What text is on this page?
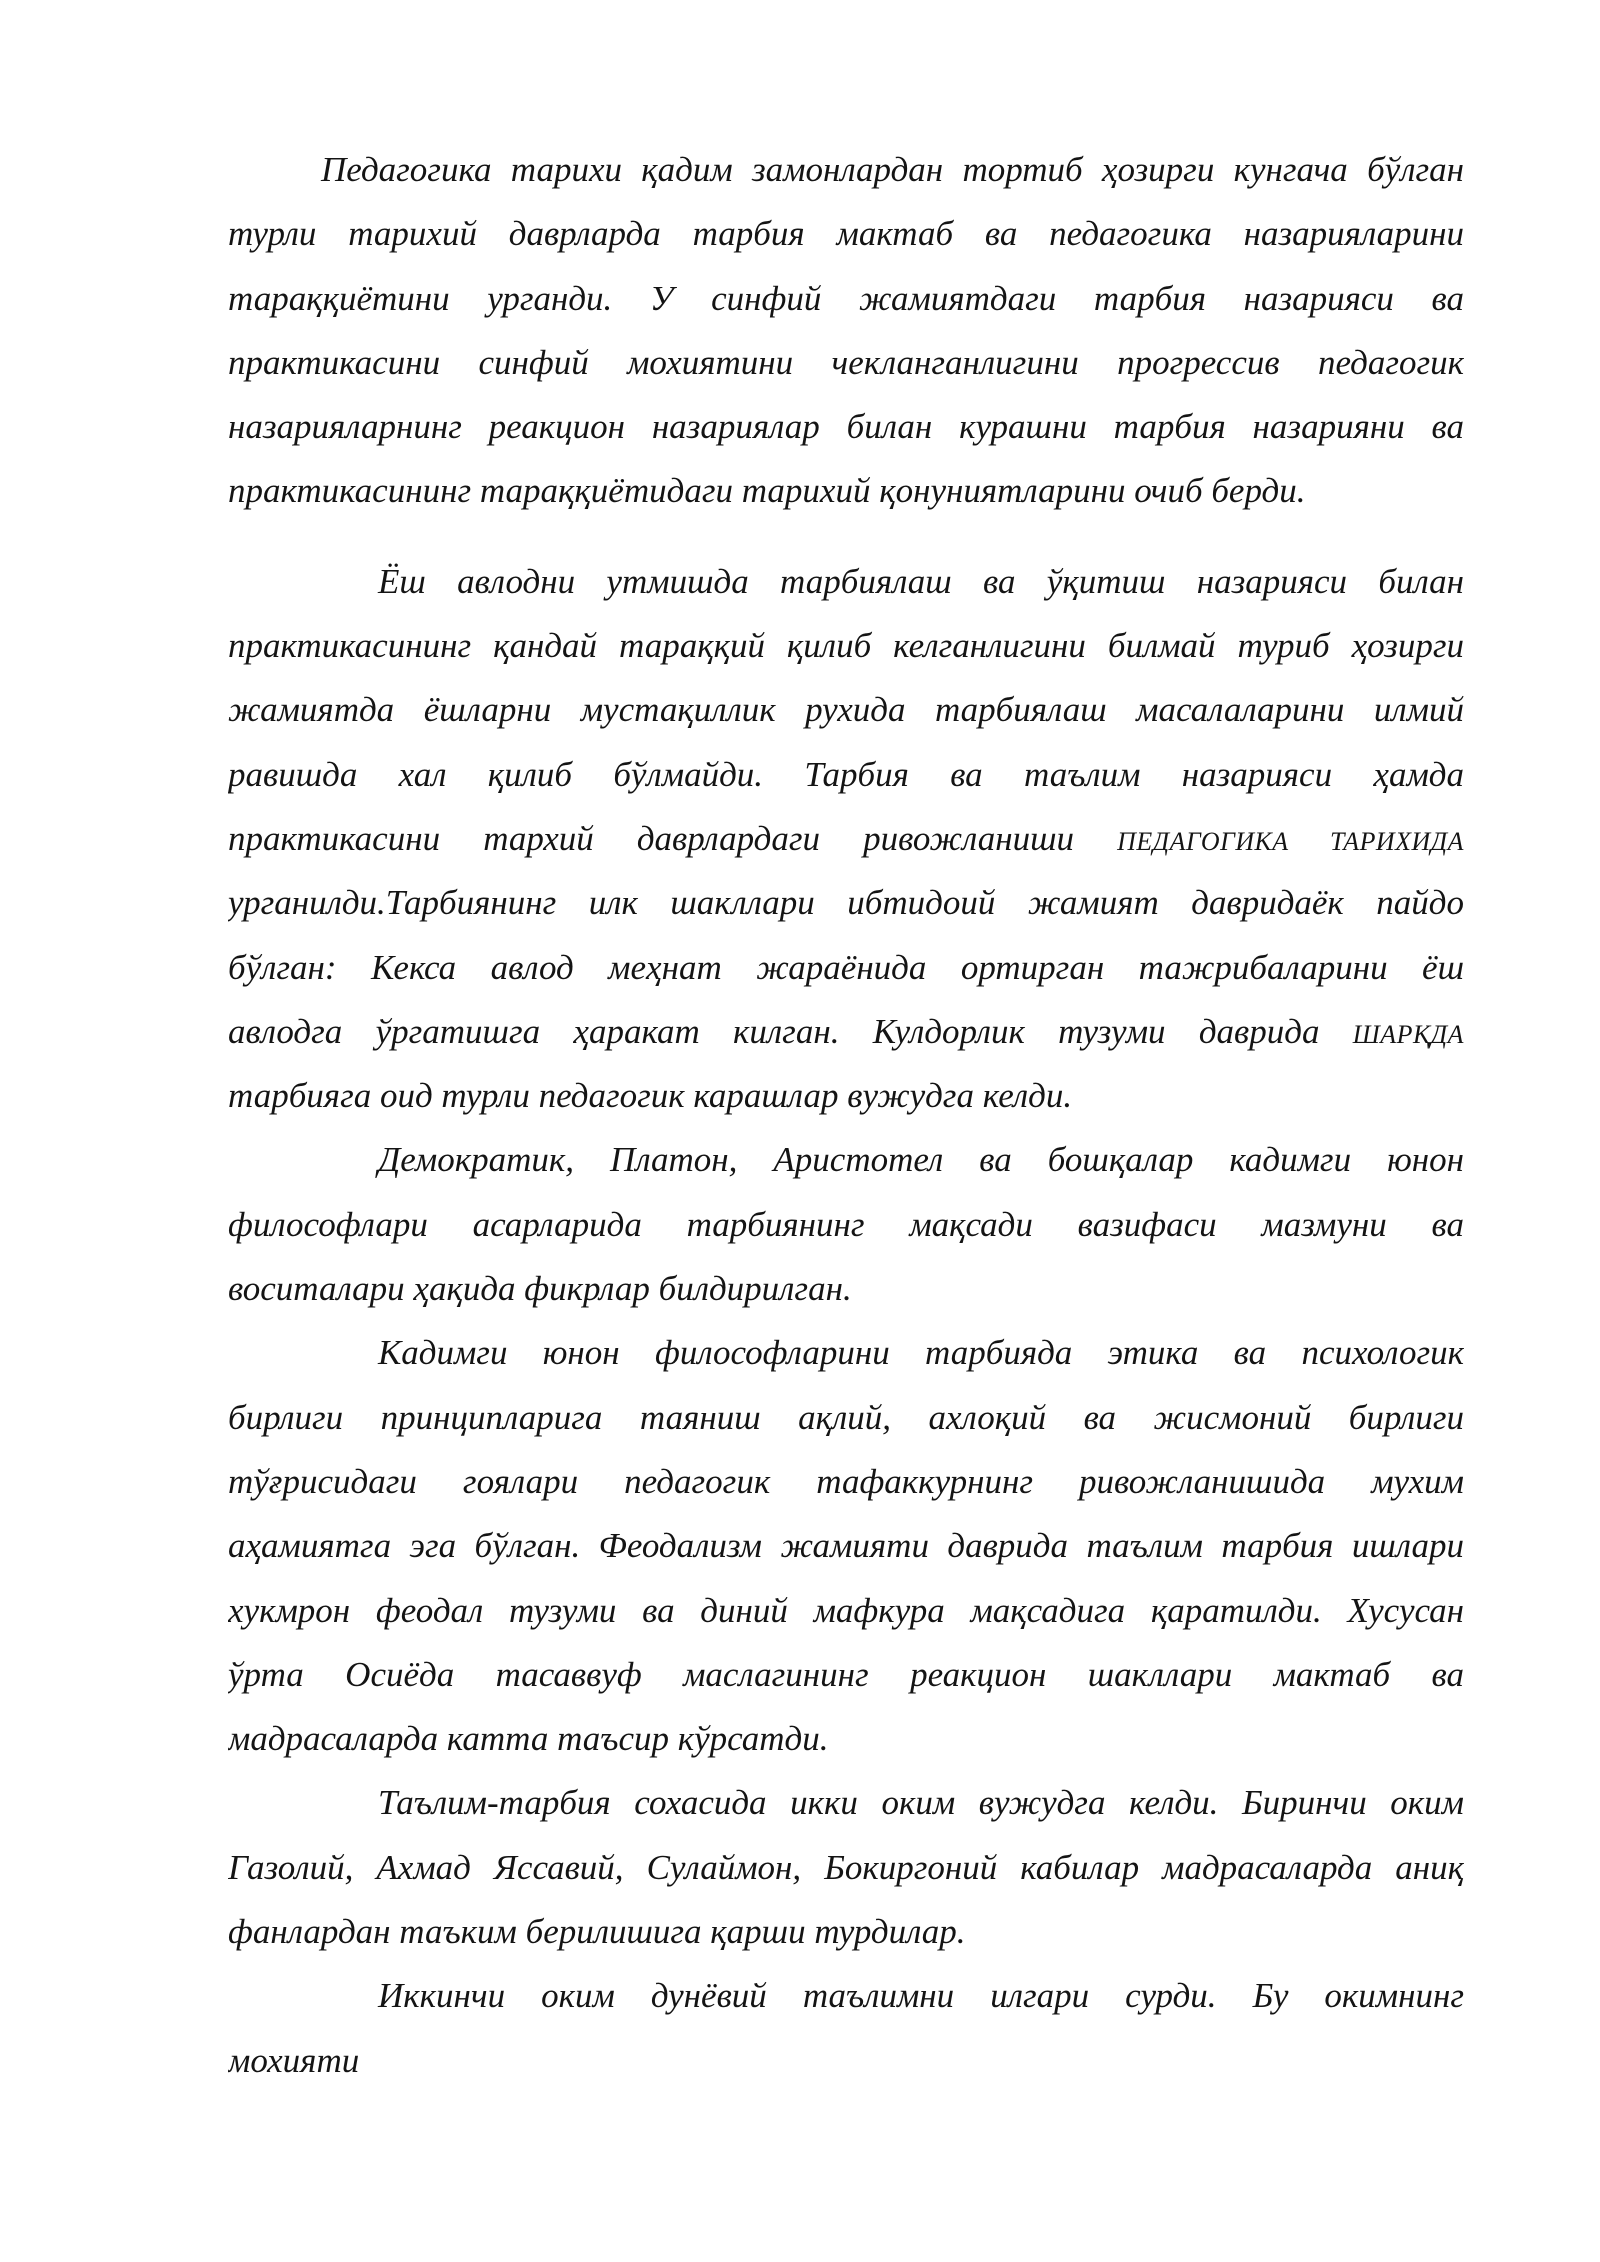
Педагогика тарихи қадим замонлардан тортиб ҳозирги кунгача бўлган
турли тарихий даврларда тарбия мактаб ва педагогика назарияларини
тараққиётини урганди. У синфий жамиятдаги тарбия назарияси ва
практикасини синфий мохиятини чекланганлигини прогрессив педагогик
назарияларнинг реакцион назариялар билан курашни тарбия назарияни ва
практикасининг тараққиётидаги тарихий қонуниятларини очиб берди.
Ёш авлодни утмишда тарбиялаш ва ўқитиш назарияси билан
практикасининг қандай тараққий қилиб келганлигини билмай туриб ҳозирги
жамиятда ёшларни мустақиллик рухида тарбиялаш масалаларини илмий
равишда хал қилиб бўлмайди. Тарбия ва таълим назарияси ҳамда
практикасини тархий даврлардаги ривожланиши ПЕДАГОГИКА ТАРИХИДА
урганилди.Тарбиянинг илк шакллари ибтидоий жамият давридаёк пайдо
бўлган: Кекса авлод меҳнат жараёнида ортирган тажрибаларини ёш
авлодга ўргатишга ҳаракат килган. Кулдорлик тузуми даврида ШАРҚДА
тарбияга оид турли педагогик карашлар вужудга келди.
Демократик, Платон, Аристотел ва бошқалар кадимги юнон
философлари асарларида тарбиянинг мақсади вазифаси мазмуни ва
воситалари ҳақида фикрлар билдирилган.
Кадимги юнон философларини тарбияда этика ва психологик
бирлиги принципларига таяниш ақлий, ахлоқий ва жисмоний бирлиги
тўғрисидаги гоялари педагогик тафаккурнинг ривожланишида мухим
аҳамиятга эга бўлган. Феодализм жамияти даврида таълим тарбия ишлари
хукмрон феодал тузуми ва диний мафкура мақсадига қаратилди. Хусусан
ўрта Осиёда тасаввуф маслагининг реакцион шакллари мактаб ва
мадрасаларда катта таъсир кўрсатди.
Таълим-тарбия сохасида икки оким вужудга келди. Биринчи оким
Газолий, Ахмад Яссавий, Сулаймон, Бокиргоний кабилар мадрасаларда аниқ
фанлардан таъким берилишига қарши турдилар.
Иккинчи оким дунёвий таълимни илгари сурди. Бу окимнинг
мохияти
